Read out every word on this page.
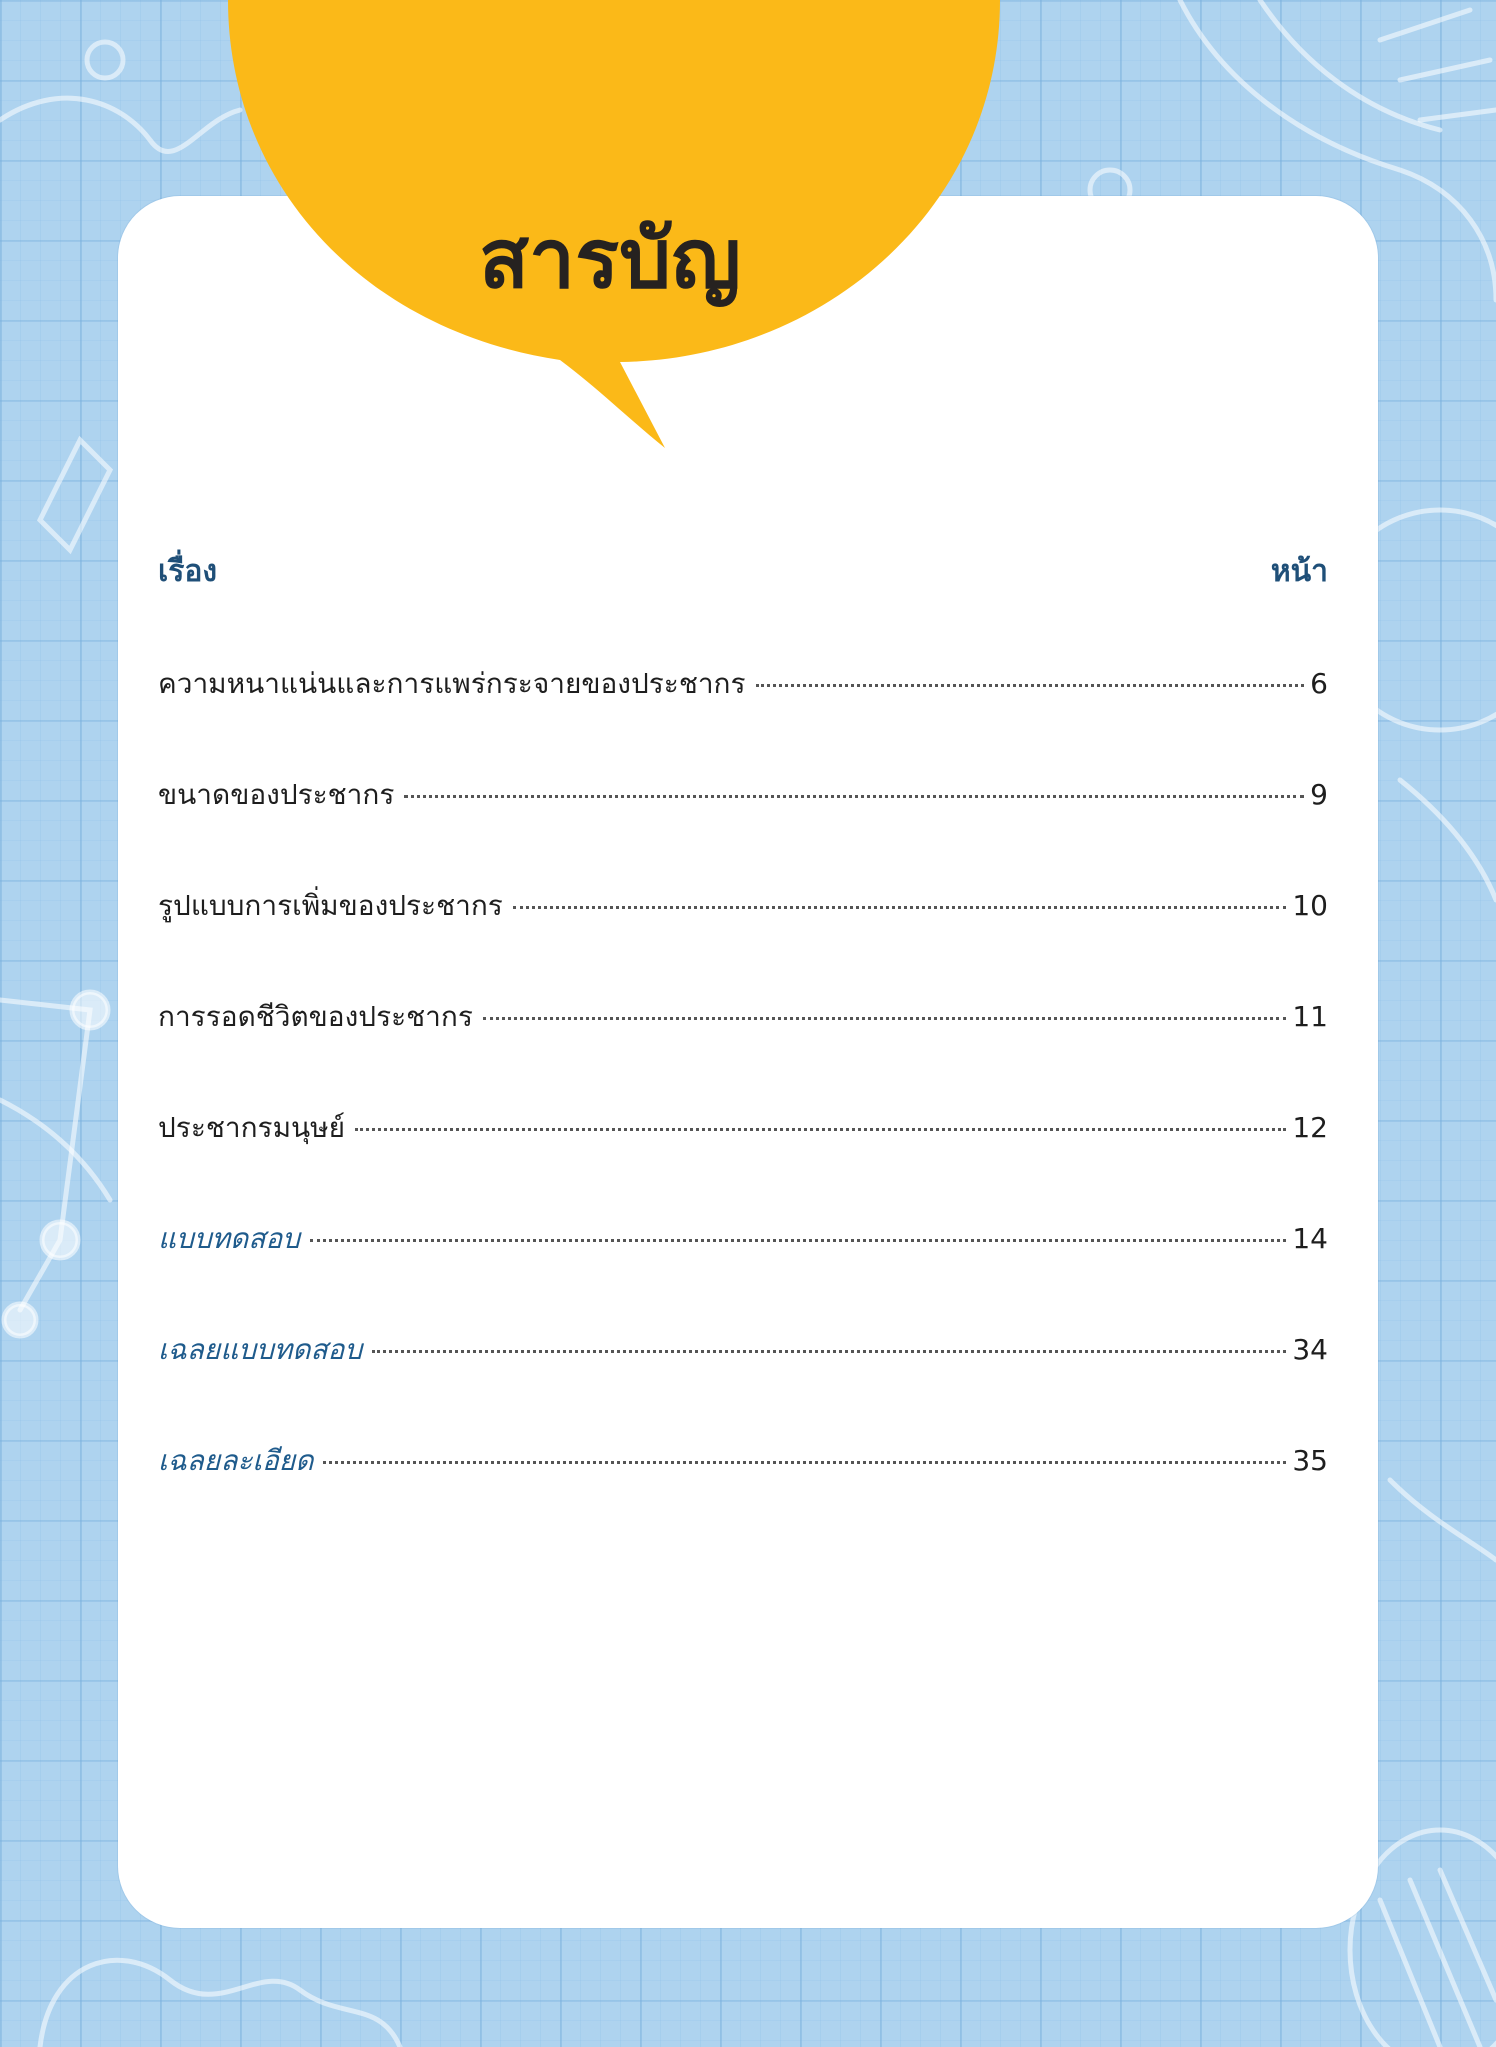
สารบัญ
เรื่อง	หน้า
ความหนาแน่นและการแพร่กระจายของประชากร	6
ขนาดของประชากร	9
รูปแบบการเพิ่มของประชากร	10
การรอดชีวิตของประชากร	11
ประชากรมนุษย์	12
แบบทดสอบ	14
เฉลยแบบทดสอบ	34
เฉลยละเอียด	35
